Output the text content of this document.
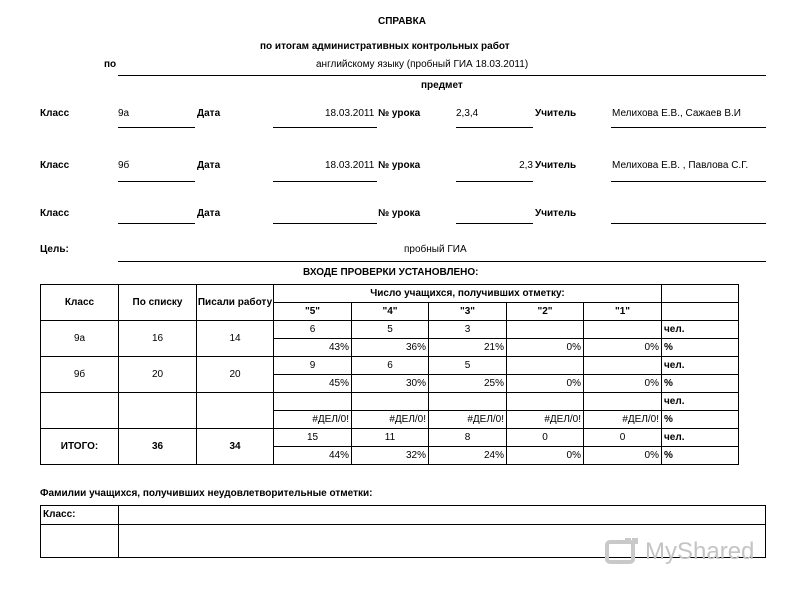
СПРАВКА
по итогам административных контрольных работ
по	английскому языку (пробный ГИА 18.03.2011)
предмет
Класс	9а	Дата	18.03.2011 № урока	2,3,4	Учитель	Мелихова Е.В., Сажаев В.И
Класс	9б	Дата	18.03.2011 № урока	2,3 Учитель	Мелихова Е.В. , Павлова С.Г.
Класс	Дата	№ урока	Учитель
Цель:	пробный ГИА
ВХОДЕ ПРОВЕРКИ УСТАНОВЛЕНО:
Класс	По списку	Писали работу	Число учащихся, получивших отметку:					
			"5"	"4"	"3"	"2"	"1"	
9а	16	14	6	5	3			чел.
			43%	36%	21%	0%	0%	%
9б	20	20	9	6	5			чел.
			45%	30%	25%	0%	0%	%
								чел.
			#ДЕЛ/0!	#ДЕЛ/0!	#ДЕЛ/0!	#ДЕЛ/0!	#ДЕЛ/0!	%
ИТОГО:	36	34	15	11	8	0	0	чел.
			44%	32%	24%	0%	0%	%
Фамилии учащихся, получивших неудовлетворительные отметки:
Класс:
MyShared
